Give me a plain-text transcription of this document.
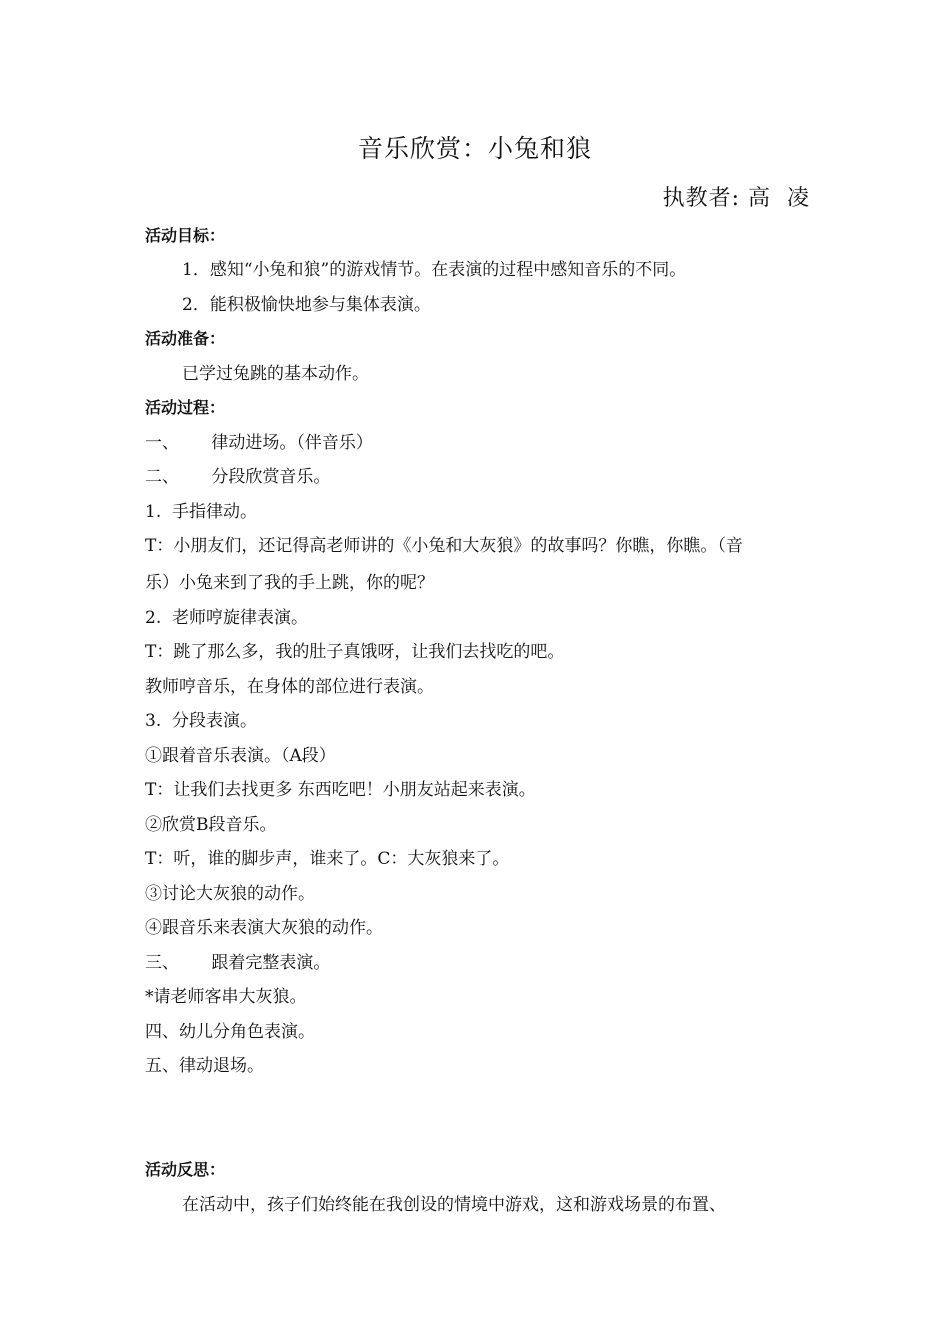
音乐欣赏：小兔和狼
执教者: 高  凌
活动目标：
1．感知“小兔和狼”的游戏情节。在表演的过程中感知音乐的不同。
2．能积极愉快地参与集体表演。
活动准备：
已学过兔跳的基本动作。
活动过程：
一、      律动进场。（伴音乐）
二、      分段欣赏音乐。
1.  手指律动。
T：小朋友们，还记得高老师讲的《小兔和大灰狼》的故事吗？你瞧，你瞧。（音
乐）小兔来到了我的手上跳，你的呢？
2.  老师哼旋律表演。
T：跳了那么多，我的肚子真饿呀，让我们去找吃的吧。
教师哼音乐，在身体的部位进行表演。
3.  分段表演。
①跟着音乐表演。（A段）
T：让我们去找更多 东西吃吧！小朋友站起来表演。
②欣赏B段音乐。
T：听，谁的脚步声，谁来了。C：大灰狼来了。
③讨论大灰狼的动作。
④跟音乐来表演大灰狼的动作。
三、      跟着完整表演。
*请老师客串大灰狼。
四、幼儿分角色表演。
五、律动退场。
活动反思：
在活动中，孩子们始终能在我创设的情境中游戏，这和游戏场景的布置、
